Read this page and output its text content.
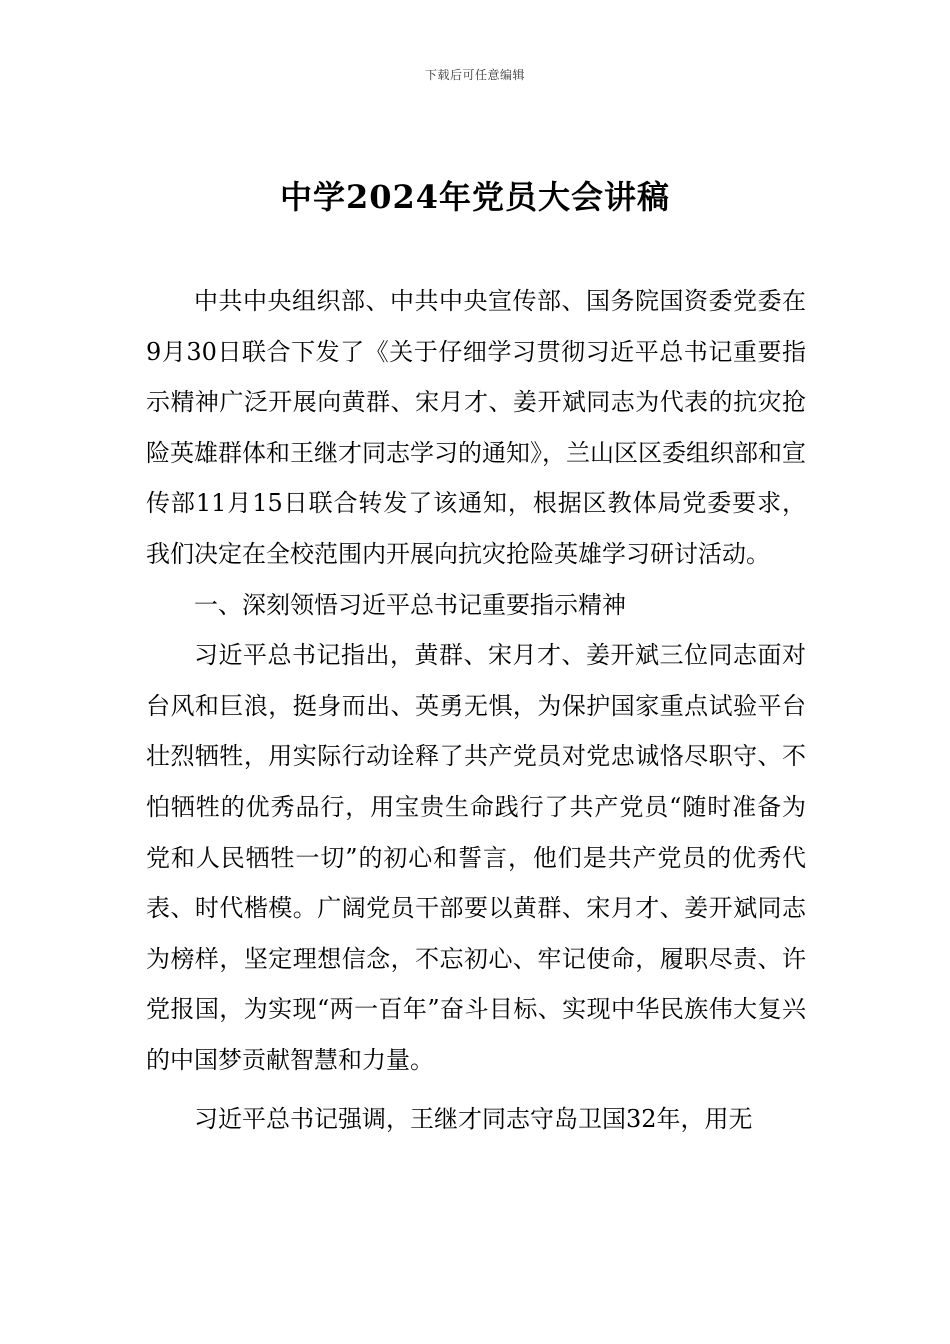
下载后可任意编辑
中学2024年党员大会讲稿

中共中央组织部、中共中央宣传部、国务院国资委党委在9月30日联合下发了《关于仔细学习贯彻习近平总书记重要指示精神广泛开展向黄群、宋月才、姜开斌同志为代表的抗灾抢险英雄群体和王继才同志学习的通知》，兰山区区委组织部和宣传部11月15日联合转发了该通知，根据区教体局党委要求，我们决定在全校范围内开展向抗灾抢险英雄学习研讨活动。

一、深刻领悟习近平总书记重要指示精神

习近平总书记指出，黄群、宋月才、姜开斌三位同志面对台风和巨浪，挺身而出、英勇无惧，为保护国家重点试验平台壮烈牺牲，用实际行动诠释了共产党员对党忠诚恪尽职守、不怕牺牲的优秀品行，用宝贵生命践行了共产党员“随时准备为党和人民牺牲一切”的初心和誓言，他们是共产党员的优秀代表、时代楷模。广阔党员干部要以黄群、宋月才、姜开斌同志为榜样，坚定理想信念，不忘初心、牢记使命，履职尽责、许党报国，为实现“两一百年”奋斗目标、实现中华民族伟大复兴的中国梦贡献智慧和力量。

习近平总书记强调，王继才同志守岛卫国32年，用无
